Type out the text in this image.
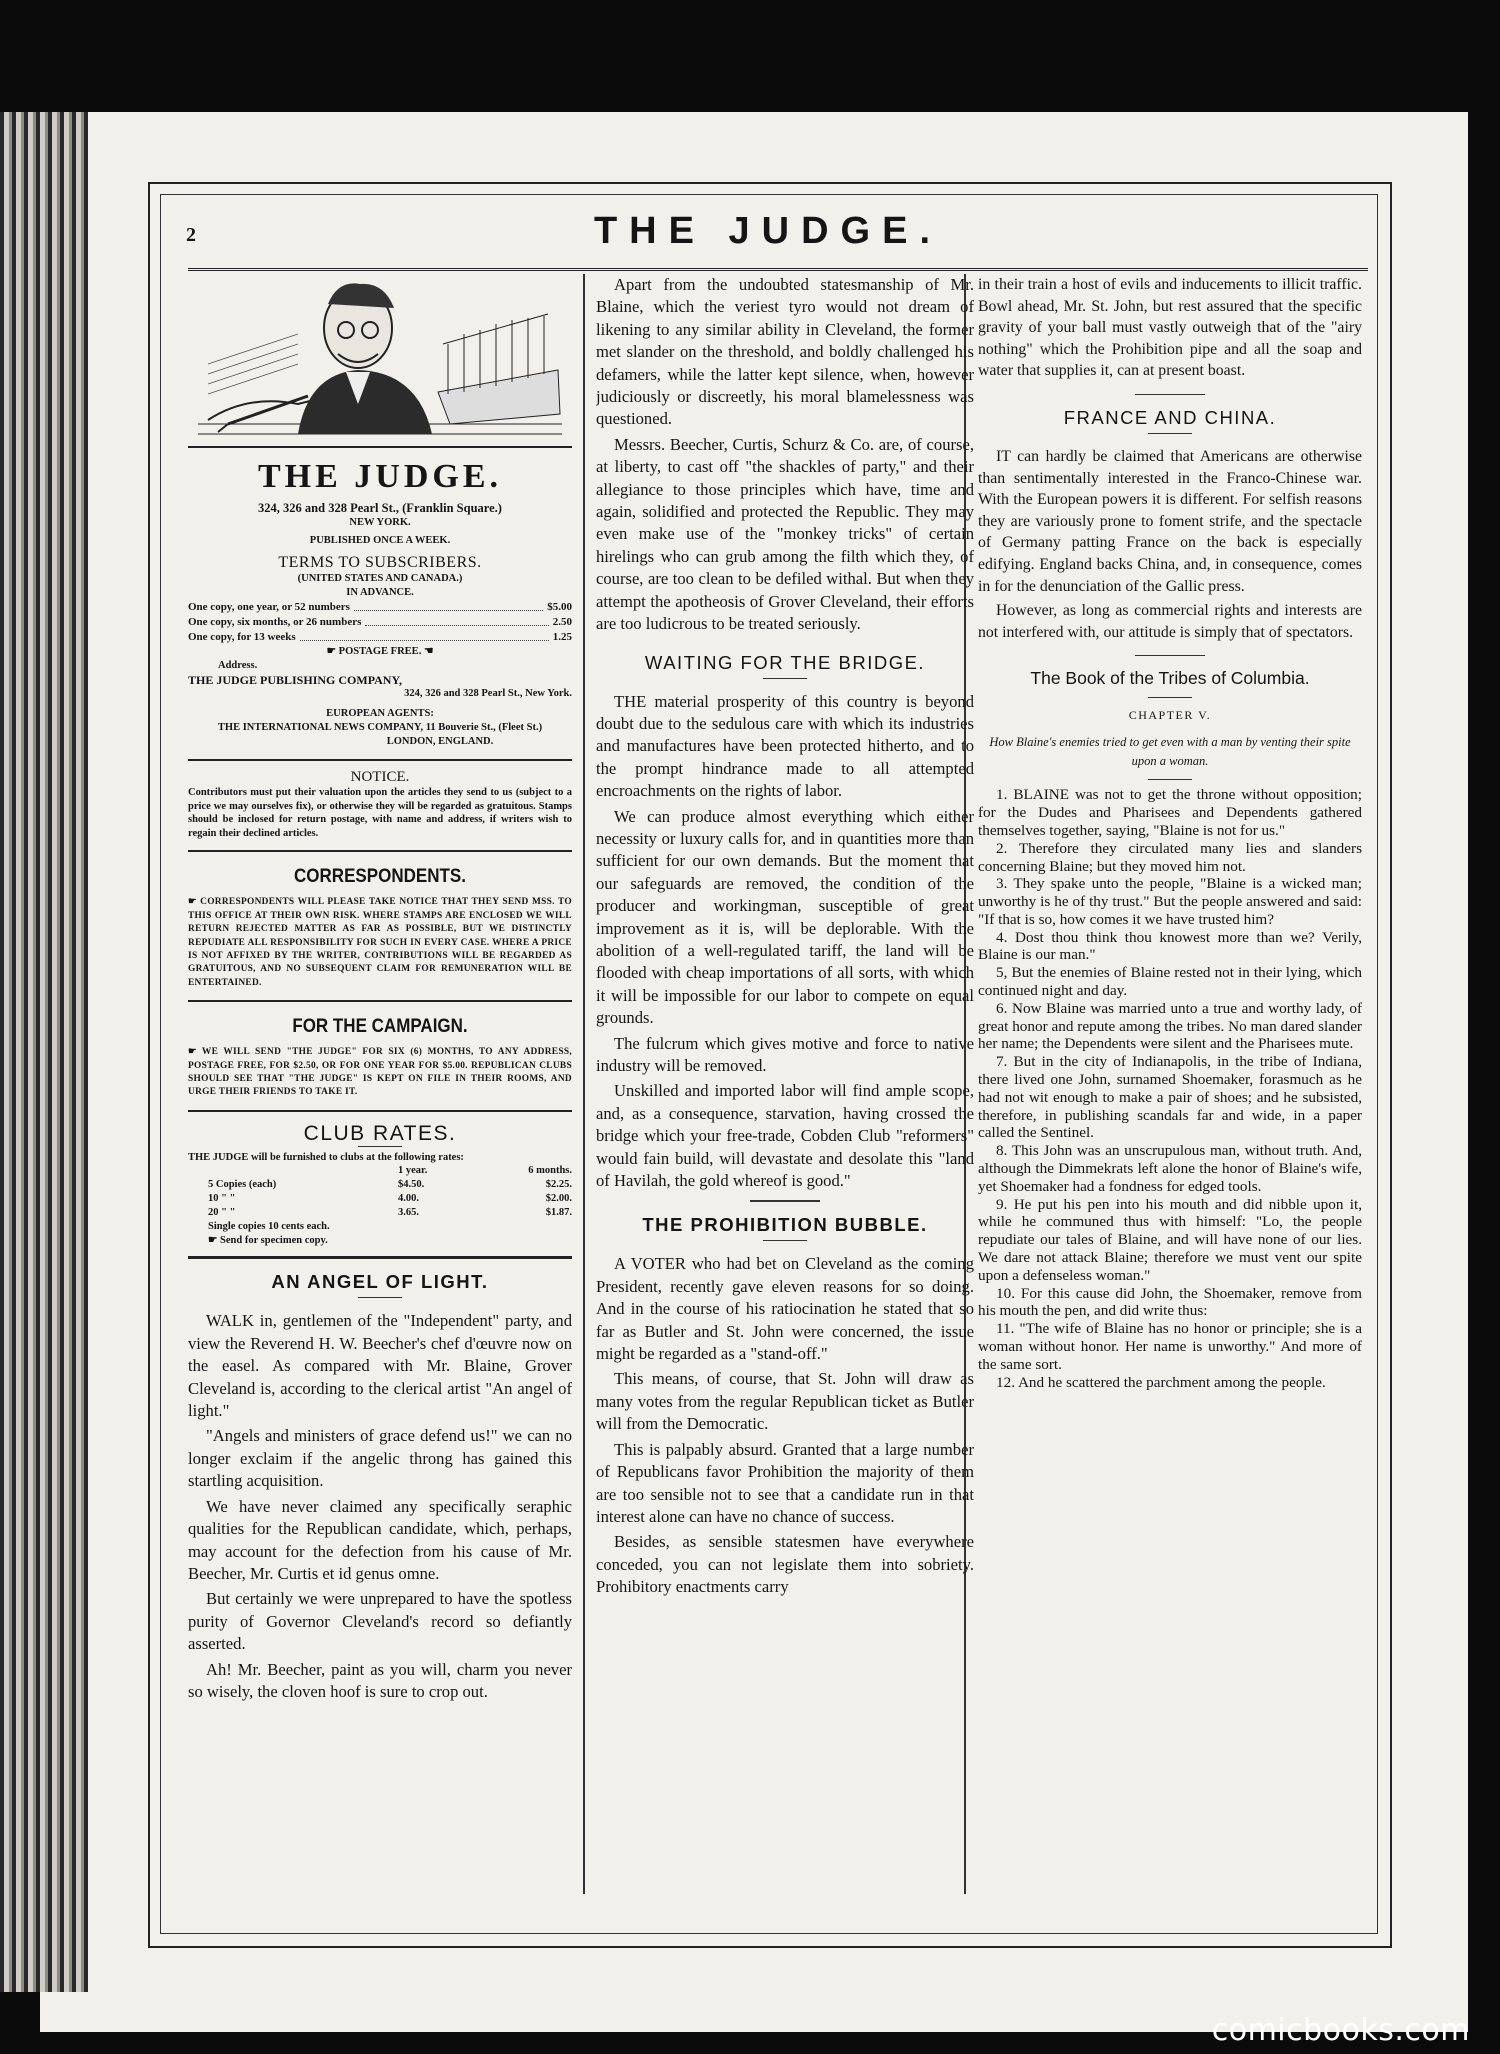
2	THE JUDGE.
THE JUDGE.
324, 326 and 328 Pearl St., (Franklin Square.)
NEW YORK.
PUBLISHED ONCE A WEEK.
TERMS TO SUBSCRIBERS.
(UNITED STATES AND CANADA.)
IN ADVANCE.
One copy, one year, or 52 numbers	$5.00
One copy, six months, or 26 numbers	2.50
One copy, for 13 weeks	1.25
☛ POSTAGE FREE. ☚
Address.
THE JUDGE PUBLISHING COMPANY,
324, 326 and 328 Pearl St., New York.
EUROPEAN AGENTS:
THE INTERNATIONAL NEWS COMPANY, 11 Bouverie St., (Fleet St.)
LONDON, ENGLAND.
NOTICE.
Contributors must put their valuation upon the articles they send to us (subject to a price we may ourselves fix), or otherwise they will be regarded as gratuitous. Stamps should be inclosed for return postage, with name and address, if writers wish to regain their declined articles.
CORRESPONDENTS.
☛ CORRESPONDENTS WILL PLEASE TAKE NOTICE THAT THEY SEND MSS. TO THIS OFFICE AT THEIR OWN RISK. WHERE STAMPS ARE ENCLOSED WE WILL RETURN REJECTED MATTER AS FAR AS POSSIBLE, BUT WE DISTINCTLY REPUDIATE ALL RESPONSIBILITY FOR SUCH IN EVERY CASE. WHERE A PRICE IS NOT AFFIXED BY THE WRITER, CONTRIBUTIONS WILL BE REGARDED AS GRATUITOUS, AND NO SUBSEQUENT CLAIM FOR REMUNERATION WILL BE ENTERTAINED.
FOR THE CAMPAIGN.
☛ WE WILL SEND "THE JUDGE" FOR SIX (6) MONTHS, TO ANY ADDRESS, POSTAGE FREE, FOR $2.50, OR FOR ONE YEAR FOR $5.00. REPUBLICAN CLUBS SHOULD SEE THAT "THE JUDGE" IS KEPT ON FILE IN THEIR ROOMS, AND URGE THEIR FRIENDS TO TAKE IT.
CLUB RATES.
THE JUDGE will be furnished to clubs at the following rates:
	1 year.	6 months.
5 Copies (each)	$4.50.	$2.25.
10 " "	4.00.	$2.00.
20 " "	3.65.	$1.87.
Single copies 10 cents each.
☛ Send for specimen copy.
AN ANGEL OF LIGHT.

WALK in, gentlemen of the "Independent" party, and view the Reverend H. W. Beecher's chef d'œuvre now on the easel. As compared with Mr. Blaine, Grover Cleveland is, according to the clerical artist "An angel of light."

"Angels and ministers of grace defend us!" we can no longer exclaim if the angelic throng has gained this startling acquisition.

We have never claimed any specifically seraphic qualities for the Republican candidate, which, perhaps, may account for the defection from his cause of Mr. Beecher, Mr. Curtis et id genus omne.

But certainly we were unprepared to have the spotless purity of Governor Cleveland's record so defiantly asserted.

Ah! Mr. Beecher, paint as you will, charm you never so wisely, the cloven hoof is sure to crop out.

Apart from the undoubted statesmanship of Mr. Blaine, which the veriest tyro would not dream of likening to any similar ability in Cleveland, the former met slander on the threshold, and boldly challenged his defamers, while the latter kept silence, when, however judiciously or discreetly, his moral blamelessness was questioned.

Messrs. Beecher, Curtis, Schurz & Co. are, of course, at liberty, to cast off "the shackles of party," and their allegiance to those principles which have, time and again, solidified and protected the Republic. They may even make use of the "monkey tricks" of certain hirelings who can grub among the filth which they, of course, are too clean to be defiled withal. But when they attempt the apotheosis of Grover Cleveland, their efforts are too ludicrous to be treated seriously.

WAITING FOR THE BRIDGE.

THE material prosperity of this country is beyond doubt due to the sedulous care with which its industries and manufactures have been protected hitherto, and to the prompt hindrance made to all attempted encroachments on the rights of labor.

We can produce almost everything which either necessity or luxury calls for, and in quantities more than sufficient for our own demands. But the moment that our safeguards are removed, the condition of the producer and workingman, susceptible of great improvement as it is, will be deplorable. With the abolition of a well-regulated tariff, the land will be flooded with cheap importations of all sorts, with which it will be impossible for our labor to compete on equal grounds.

The fulcrum which gives motive and force to native industry will be removed.

Unskilled and imported labor will find ample scope, and, as a consequence, starvation, having crossed the bridge which your free-trade, Cobden Club "reformers" would fain build, will devastate and desolate this "land of Havilah, the gold whereof is good."

THE PROHIBITION BUBBLE.

A VOTER who had bet on Cleveland as the coming President, recently gave eleven reasons for so doing. And in the course of his ratiocination he stated that so far as Butler and St. John were concerned, the issue might be regarded as a "stand-off."

This means, of course, that St. John will draw as many votes from the regular Republican ticket as Butler will from the Democratic.

This is palpably absurd. Granted that a large number of Republicans favor Prohibition the majority of them are too sensible not to see that a candidate run in that interest alone can have no chance of success.

Besides, as sensible statesmen have everywhere conceded, you can not legislate them into sobriety. Prohibitory enactments carry

in their train a host of evils and inducements to illicit traffic. Bowl ahead, Mr. St. John, but rest assured that the specific gravity of your ball must vastly outweigh that of the "airy nothing" which the Prohibition pipe and all the soap and water that supplies it, can at present boast.

FRANCE AND CHINA.

IT can hardly be claimed that Americans are otherwise than sentimentally interested in the Franco-Chinese war. With the European powers it is different. For selfish reasons they are variously prone to foment strife, and the spectacle of Germany patting France on the back is especially edifying. England backs China, and, in consequence, comes in for the denunciation of the Gallic press.

However, as long as commercial rights and interests are not interfered with, our attitude is simply that of spectators.

The Book of the Tribes of Columbia.
CHAPTER V.
How Blaine's enemies tried to get even with a man by venting their spite upon a woman.

1. BLAINE was not to get the throne without opposition; for the Dudes and Pharisees and Dependents gathered themselves together, saying, "Blaine is not for us."

2. Therefore they circulated many lies and slanders concerning Blaine; but they moved him not.

3. They spake unto the people, "Blaine is a wicked man; unworthy is he of thy trust." But the people answered and said: "If that is so, how comes it we have trusted him?

4. Dost thou think thou knowest more than we? Verily, Blaine is our man."

5, But the enemies of Blaine rested not in their lying, which continued night and day.

6. Now Blaine was married unto a true and worthy lady, of great honor and repute among the tribes. No man dared slander her name; the Dependents were silent and the Pharisees mute.

7. But in the city of Indianapolis, in the tribe of Indiana, there lived one John, surnamed Shoemaker, forasmuch as he had not wit enough to make a pair of shoes; and he subsisted, therefore, in publishing scandals far and wide, in a paper called the Sentinel.

8. This John was an unscrupulous man, without truth. And, although the Dimmekrats left alone the honor of Blaine's wife, yet Shoemaker had a fondness for edged tools.

9. He put his pen into his mouth and did nibble upon it, while he communed thus with himself: "Lo, the people repudiate our tales of Blaine, and will have none of our lies. We dare not attack Blaine; therefore we must vent our spite upon a defenseless woman."

10. For this cause did John, the Shoemaker, remove from his mouth the pen, and did write thus:

11. "The wife of Blaine has no honor or principle; she is a woman without honor. Her name is unworthy." And more of the same sort.

12. And he scattered the parchment among the people.

comicbooks.com
